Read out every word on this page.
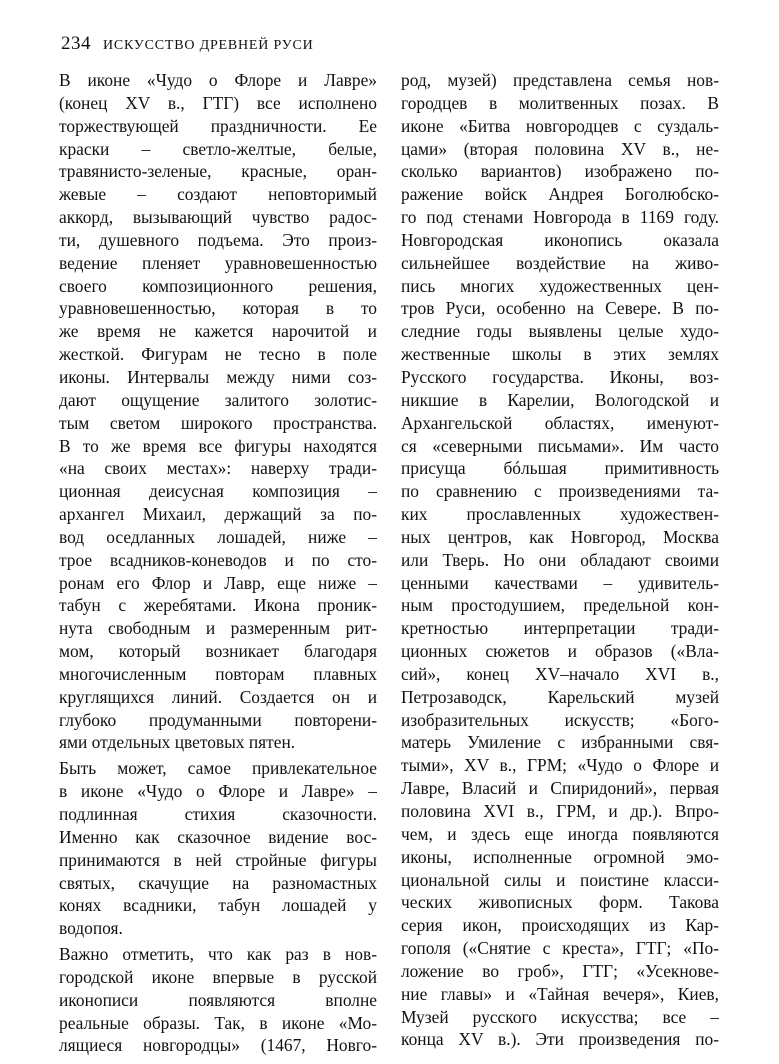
234 ИСКУССТВО ДРЕВНЕЙ РУСИ
В иконе «Чудо о Флоре и Лавре»
(конец XV в., ГТГ) все исполнено
торжествующей праздничности. Ее
краски – светло-желтые, белые,
травянисто-зеленые, красные, оран-
жевые – создают неповторимый
аккорд, вызывающий чувство радос-
ти, душевного подъема. Это произ-
ведение пленяет уравновешенностью
своего композиционного решения,
уравновешенностью, которая в то
же время не кажется нарочитой и
жесткой. Фигурам не тесно в поле
иконы. Интервалы между ними соз-
дают ощущение залитого золотис-
тым светом широкого пространства.
В то же время все фигуры находятся
«на своих местах»: наверху тради-
ционная деисусная композиция –
архангел Михаил, держащий за по-
вод оседланных лошадей, ниже –
трое всадников-коневодов и по сто-
ронам его Флор и Лавр, еще ниже –
табун с жеребятами. Икона проник-
нута свободным и размеренным рит-
мом, который возникает благодаря
многочисленным повторам плавных
круглящихся линий. Создается он и
глубоко продуманными повторени-
ями отдельных цветовых пятен.
Быть может, самое привлекательное
в иконе «Чудо о Флоре и Лавре» –
подлинная стихия сказочности.
Именно как сказочное видение вос-
принимаются в ней стройные фигуры
святых, скачущие на разномастных
конях всадники, табун лошадей у
водопоя.
Важно отметить, что как раз в нов-
городской иконе впервые в русской
иконописи появляются вполне
реальные образы. Так, в иконе «Мо-
лящиеся новгородцы» (1467, Новго-
род, музей) представлена семья нов-
городцев в молитвенных позах. В
иконе «Битва новгородцев с суздаль-
цами» (вторая половина XV в., не-
сколько вариантов) изображено по-
ражение войск Андрея Боголюбско-
го под стенами Новгорода в 1169 году.
Новгородская иконопись оказала
сильнейшее воздействие на живо-
пись многих художественных цен-
тров Руси, особенно на Севере. В по-
следние годы выявлены целые худо-
жественные школы в этих землях
Русского государства. Иконы, воз-
никшие в Карелии, Вологодской и
Архангельской областях, именуют-
ся «северными письмами». Им часто
присуща бóльшая примитивность
по сравнению с произведениями та-
ких прославленных художествен-
ных центров, как Новгород, Москва
или Тверь. Но они обладают своими
ценными качествами – удивитель-
ным простодушием, предельной кон-
кретностью интерпретации тради-
ционных сюжетов и образов («Вла-
сий», конец XV–начало XVI в.,
Петрозаводск, Карельский музей
изобразительных искусств; «Бого-
матерь Умиление с избранными свя-
тыми», XV в., ГРМ; «Чудо о Флоре и
Лавре, Власий и Спиридоний», первая
половина XVI в., ГРМ, и др.). Впро-
чем, и здесь еще иногда появляются
иконы, исполненные огромной эмо-
циональной силы и поистине класси-
ческих живописных форм. Такова
серия икон, происходящих из Кар-
гополя («Снятие с креста», ГТГ; «По-
ложение во гроб», ГТГ; «Усекнове-
ние главы» и «Тайная вечеря», Киев,
Музей русского искусства; все –
конца XV в.). Эти произведения по-
